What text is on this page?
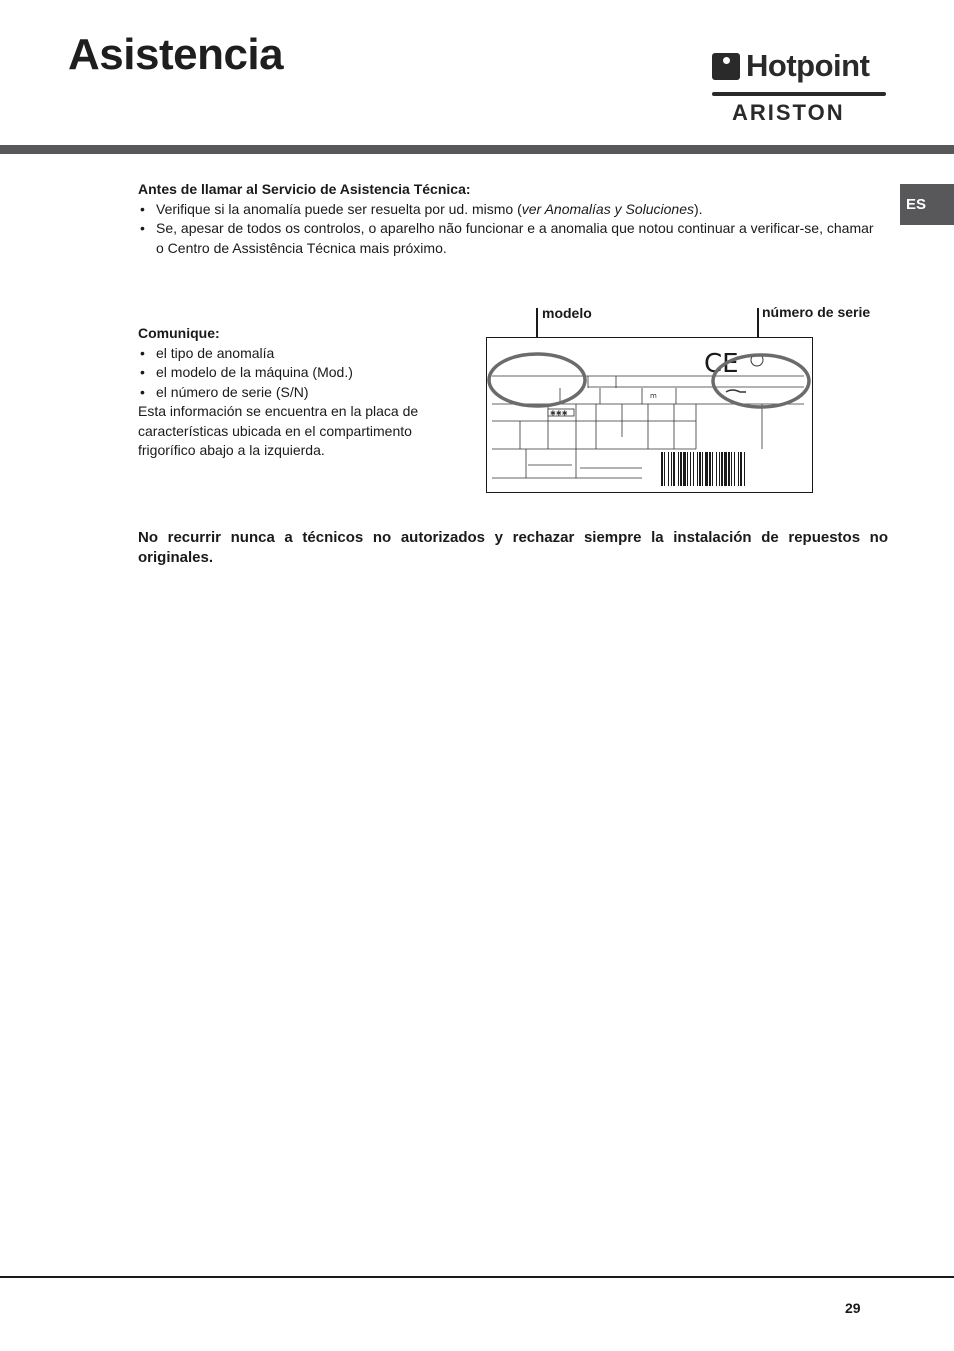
Asistencia	Hotpoint
ARISTON
ES
Antes de llamar al Servicio de Asistencia Técnica:
• Verifique si la anomalía puede ser resuelta por ud. mismo (ver Anomalías y Soluciones).
• Se, apesar de todos os controlos, o aparelho não funcionar e a anomalia que notou continuar a verificar-se, chamar o Centro de Assistência Técnica mais próximo.
Comunique:
• el tipo de anomalía
• el modelo de la máquina (Mod.)
• el número de serie (S/N)
Esta información se encuentra en la placa de características ubicada en el compartimento frigorífico abajo a la izquierda.
modelo	número de serie
✱✱✱
m
CE
No recurrir nunca a técnicos no autorizados y rechazar siempre la instalación de repuestos no originales.
29
